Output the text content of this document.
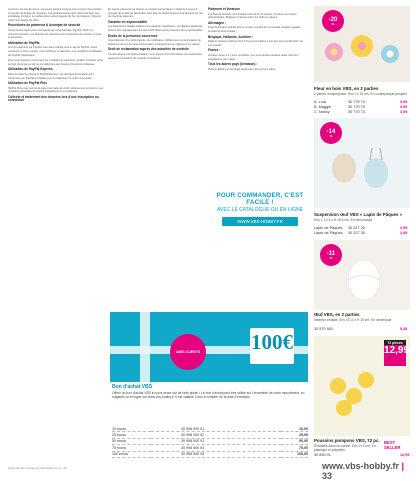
concerné. En cas de retour, vous avez jusqu'à 14 jours pour renvoyer les produits, à compter de la date de réception. Les produits doivent être retournés dans leur emballage d'origine, en parfait état et accompagnés du bon de livraison. Frais de retour à la charge du client.

Procédures de paiement & Acompte de sécurité

Vous pouvez payer votre commande par carte bancaire, PayPal, Sofort ou virement bancaire. Les données de paiement sont transmises de manière cryptée et sécurisée.

Utilisation de PayPal

Lors du paiement par PayPal, vous êtes redirigé vers le site de PayPal. Après connexion à votre compte, vous confirmez le paiement. Les conditions d'utilisation de PayPal s'appliquent.

Pour toute question concernant les modalités de paiement, veuillez contacter notre service client par e-mail ou par téléphone aux heures d'ouverture indiquées.

Utilisation de PayPal Express

Dans le cadre du paiement PayPal Express, vos données de livraison sont transmises par PayPal et utilisées pour le traitement de votre commande.

Utilisation de PayPal Plus

PayPal Plus vous permet de payer par carte de crédit, prélèvement ou facture. Les conditions générales de PayPal s'appliquent en complément.

Collecte et traitement des données lors d'une inscription ou connexion

En cas de paiement par facture, le montant est dû dans un délai de 14 jours à compter de la date de facturation. Des frais de rappel peuvent être facturés en cas de retard de paiement.

Garantie et responsabilité

Les dispositions légales relatives à la garantie s'appliquent. Les défauts apparents doivent être signalés dans les plus brefs délais après réception de la marchandise.

Droits de la personne concernée

Vous disposez d'un droit d'accès, de rectification, d'effacement et de limitation du traitement de vos données personnelles conformément au règlement en vigueur.

Droit de réclamation auprès des autorités de contrôle

Conformément à la réglementation, vous avez le droit d'introduire une réclamation auprès d'une autorité de contrôle compétente.

Paiement et livraison

Les frais de livraison sont indiqués lors de la commande. Livraison en France métropolitaine, Belgique et Suisse selon les tarifs en vigueur.

Allemagne :

Frais de livraison réduits dès un certain montant de commande, livraison gratuite au-delà du seuil indiqué.

Belgique, Hollande, Autriche :

Délai de livraison habituel de 3 à 5 jours ouvrables à compter de la confirmation de commande.

France :

Livraison sous 4 à 7 jours ouvrables. Les commandes passées avant midi sont expédiées le jour même.

Tous les autres pays (livraison) :

Tarifs et délais sur demande auprès de notre service client.

POUR COMMANDER, C'EST FACILE !
AVEC LE CATALOGUE OU EN LIGNE
WWW.VBS-HOBBY.FR
AMIS CLIENTS 100€
Bon d'achat VBS
Offrez un bon d'achat VBS et vous serez sûr de faire plaisir ! Le bon d'achat peut être utilisé sur l'ensemble de notre assortiment, en magasin ou en ligne sur www.vbs-hobby.fr. Il est valable 3 ans à compter de la date d'émission.
10 euros	30 998 000 01	10,00
25 euros	30 998 000 02	25,00
50 euros	30 998 000 03	50,00
75 euros	30 998 000 04	75,00
100 euros	30 998 000 05	100,00
-20
%
Fleur en bois VBS, en 2 parties
2 pièces à superposer, Env. H. 20 cm, En contreplaqué peuplier
A. Lola	30 770 74	3,99
B. Maggie	30 770 75	3,99
C. Nancy	30 770 73	3,99
-14
%
Suspension œuf VBS « Lapin de Pâques »
Env. L 14,5 x H 16,5 cm, En bois massif
Lapin de Pâques 30 227 26	2,99
Lapin de Pâques 30 227 30	2,99
-11
%
Œuf VBS, en 2 parties
Intérieur émaillé, Env. Ø 11 x H 15 cm, En céramique
30 570 951	5,49
72 pièces
12,99
BEST SELLER
Poussins pompons VBS, 72 pc.
Emballés dans un carton, Env. H 3 cm, En plastique et polyester
30 830 01	12,99
Légende des icônes & pictogrammes p. 34	www.vbs-hobby.fr | 33
